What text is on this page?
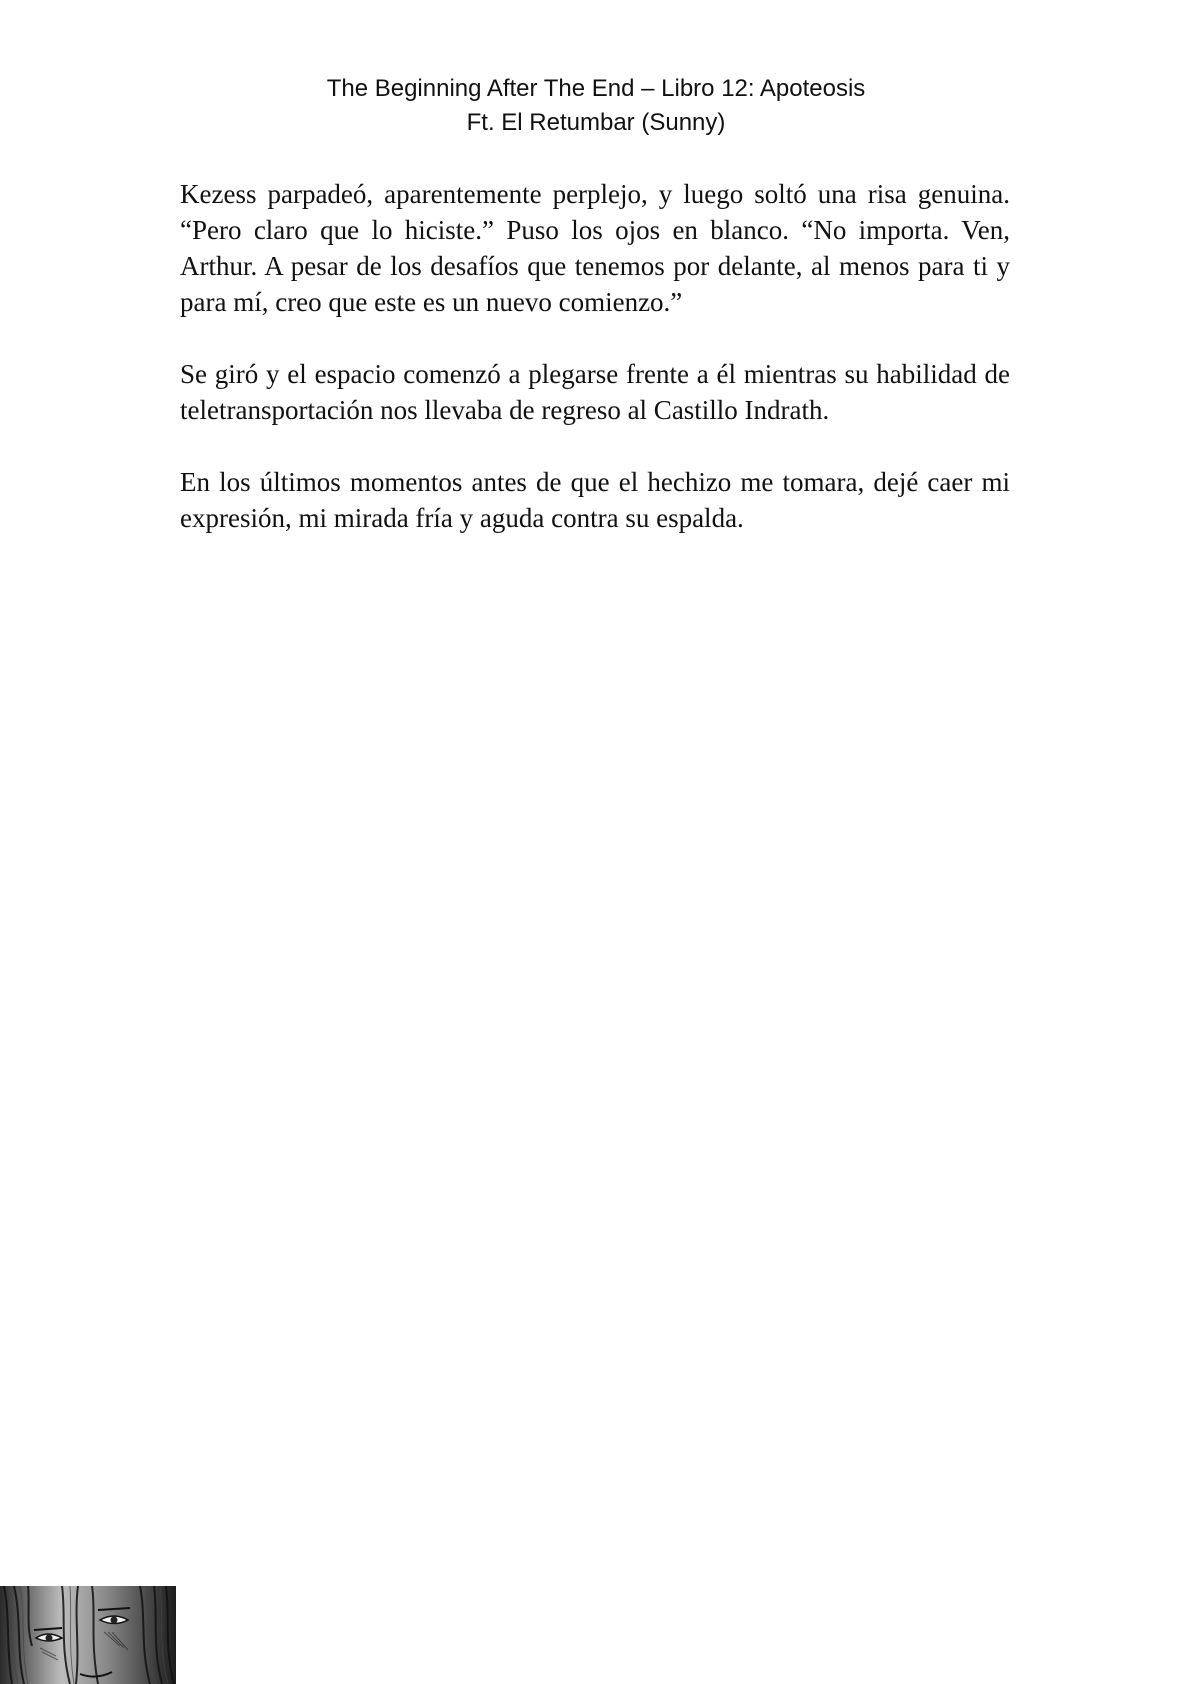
The Beginning After The End – Libro 12: Apoteosis
Ft. El Retumbar (Sunny)

Kezess parpadeó, aparentemente perplejo, y luego soltó una risa genuina. “Pero claro que lo hiciste.” Puso los ojos en blanco. “No importa. Ven, Arthur. A pesar de los desafíos que tenemos por delante, al menos para ti y para mí, creo que este es un nuevo comienzo.”

Se giró y el espacio comenzó a plegarse frente a él mientras su habilidad de teletransportación nos llevaba de regreso al Castillo Indrath.

En los últimos momentos antes de que el hechizo me tomara, dejé caer mi expresión, mi mirada fría y aguda contra su espalda.
